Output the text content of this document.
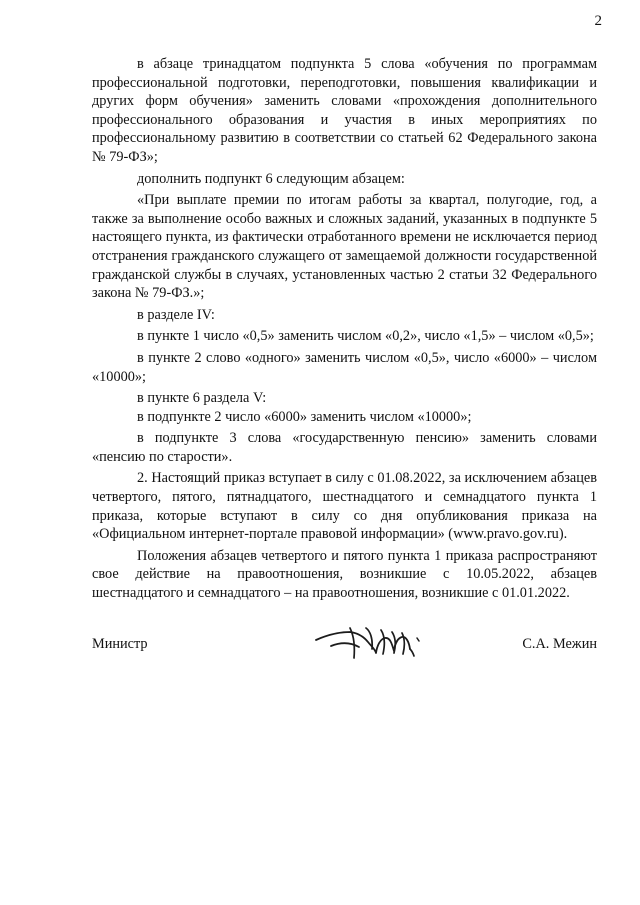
2

в абзаце тринадцатом подпункта 5 слова «обучения по программам профессиональной подготовки, переподготовки, повышения квалификации и других форм обучения» заменить словами «прохождения дополнительного профессионального образования и участия в иных мероприятиях по профессиональному развитию в соответствии со статьей 62 Федерального закона № 79-ФЗ»;

дополнить подпункт 6 следующим абзацем:

«При выплате премии по итогам работы за квартал, полугодие, год, а также за выполнение особо важных и сложных заданий, указанных в подпункте 5 настоящего пункта, из фактически отработанного времени не исключается период отстранения гражданского служащего от замещаемой должности государственной гражданской службы в случаях, установленных частью 2 статьи 32 Федерального закона № 79-ФЗ.»;

в разделе IV:

в пункте 1 число «0,5» заменить числом «0,2», число «1,5» – числом «0,5»;

в пункте 2 слово «одного» заменить числом «0,5», число «6000» – числом «10000»;

в пункте 6 раздела V:

в подпункте 2 число «6000» заменить числом «10000»;

в подпункте 3 слова «государственную пенсию» заменить словами «пенсию по старости».

2. Настоящий приказ вступает в силу с 01.08.2022, за исключением абзацев четвертого, пятого, пятнадцатого, шестнадцатого и семнадцатого пункта 1 приказа, которые вступают в силу со дня опубликования приказа на «Официальном интернет-портале правовой информации» (www.pravo.gov.ru).

Положения абзацев четвертого и пятого пункта 1 приказа распространяют свое действие на правоотношения, возникшие с 10.05.2022, абзацев шестнадцатого и семнадцатого – на правоотношения, возникшие с 01.01.2022.

Министр	С.А. Межин
